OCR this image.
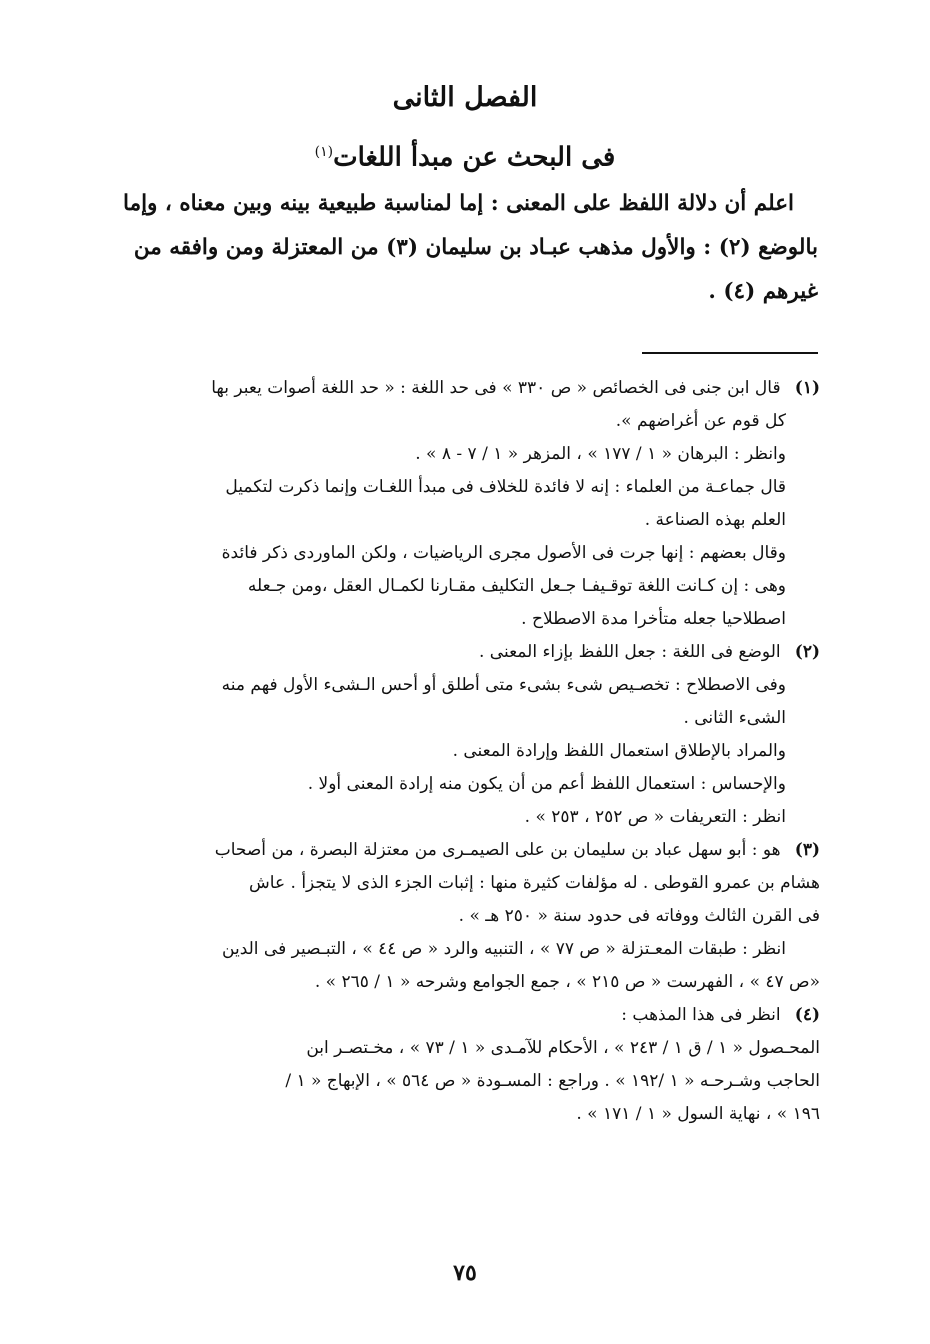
الفصل الثانى
فى البحث عن مبدأ اللغات$^{(١)}$
اعلم أن دلالة اللفظ على المعنى : إما لمناسبة طبيعية بينه وبين معناه ، وإما
بالوضع (٢) : والأول مذهب عبـاد بن سليمان (٣) من المعتزلة ومن وافقه من
غيرهم (٤) .
(١) قال ابن جنى فى الخصائص « ص ٣٣٠ » فى حد اللغة : « حد اللغة أصوات يعبر بها
كل قوم عن أغراضهم ».
وانظر : البرهان « ١ / ١٧٧ » ، المزهر « ١ / ٧ - ٨ » .
قال جماعـة من العلماء : إنه لا فائدة للخلاف فى مبدأ اللغـات وإنما ذكرت لتكميل
العلم بهذه الصناعة .
وقال بعضهم : إنها جرت فى الأصول مجرى الرياضيات ، ولكن الماوردى ذكر فائدة
وهى : إن كـانت اللغة توقـيفـا جـعل التكليف مقـارنا لكمـال العقل ،ومن جـعله
اصطلاحيا جعله متأخرا مدة الاصطلاح .
(٢) الوضع فى اللغة : جعل اللفظ بإزاء المعنى .
وفى الاصطلاح : تخصـيص شىء بشىء متى أطلق أو أحس الـشىء الأول فهم منه
الشىء الثانى .
والمراد بالإطلاق استعمال اللفظ وإرادة المعنى .
والإحساس : استعمال اللفظ أعم من أن يكون منه إرادة المعنى أولا .
انظر : التعريفات « ص ٢٥٢ ، ٢٥٣ » .
(٣) هو : أبو سهل عباد بن سليمان بن على الصيمـرى من معتزلة البصرة ، من أصحاب
هشام بن عمرو القوطى . له مؤلفات كثيرة منها : إثبات الجزء الذى لا يتجزأ . عاش
فى القرن الثالث ووفاته فى حدود سنة « ٢٥٠ هـ » .
انظر : طبقات المعـتزلة « ص ٧٧ » ، التنبيه والرد « ص ٤٤ » ، التبـصير فى الدين
«ص ٤٧ » ، الفهرست « ص ٢١٥ » ، جمع الجوامع وشرحه « ١ / ٢٦٥ » .
(٤) انظر فى هذا المذهب :
المحـصول « ١ / ق ١ / ٢٤٣ » ، الأحكام للآمـدى « ١ / ٧٣ » ، مخـتصـر ابن
الحاجب وشـرحـه « ١ /١٩٢ » . وراجع : المسـودة « ص ٥٦٤ » ، الإبهاج « ١ /
١٩٦ » ، نهاية السول « ١ / ١٧١ » .
٧٥
